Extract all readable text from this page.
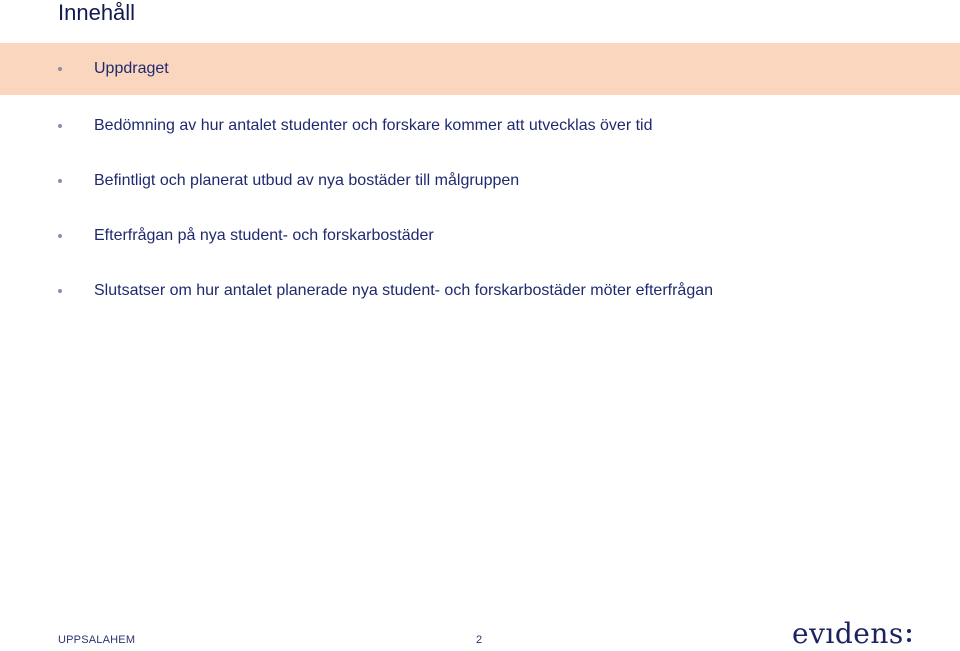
Innehåll
Uppdraget
Bedömning av hur antalet studenter och forskare kommer att utvecklas över tid
Befintligt och planerat utbud av nya bostäder till målgruppen
Efterfrågan på nya student- och forskarbostäder
Slutsatser om hur antalet planerade nya student- och forskarbostäder möter efterfrågan
UPPSALAHEM	2	evıdens
